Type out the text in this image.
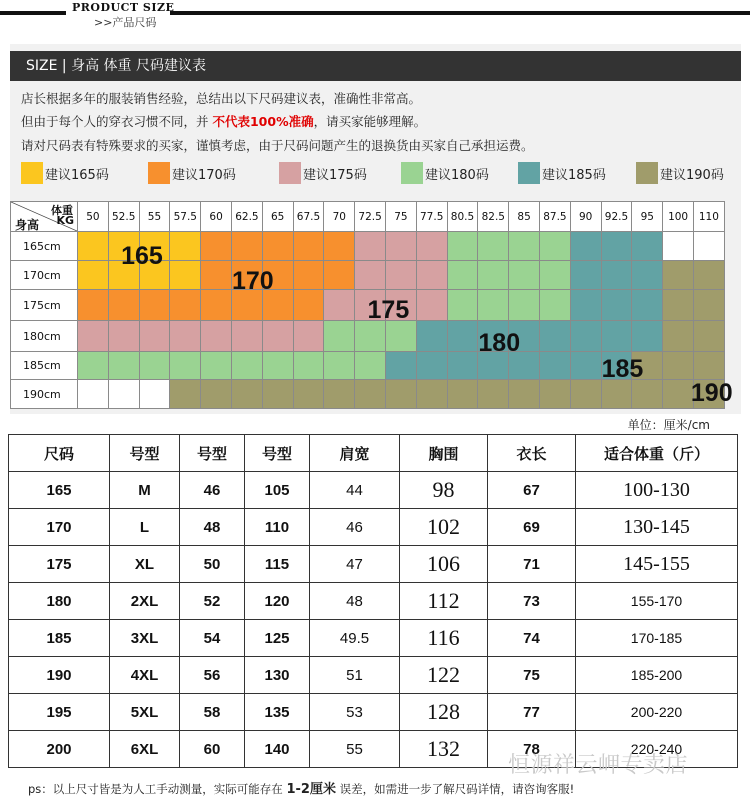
PRODUCT SIZE
>>产品尺码
SIZE | 身高 体重 尺码建议表
店长根据多年的服装销售经验，总结出以下尺码建议表，准确性非常高。
但由于每个人的穿衣习惯不同，并 不代表100%准确，请买家能够理解。
请对尺码表有特殊要求的买家，谨慎考虑，由于尺码问题产生的退换货由买家自己承担运费。
建议165码	建议170码	建议175码	建议180码	建议185码	建议190码
体重
KG
身高
50	52.5	55	57.5	60	62.5	65	67.5	70	72.5	75	77.5 80.5 82.5	85	87.5	90	92.5	95	100	110
165cm
170cm
175cm
180cm
185cm
190cm
165
170
175
180
185
190
单位：厘米/cm
尺码	号型	号型	号型	肩宽	胸围	衣长	适合体重（斤）
165	M	46	105	44	98	67	100-130
170	L	48	110	46	102	69	130-145
175	XL	50	115	47	106	71	145-155
180	2XL	52	120	48	112	73	155-170
185	3XL	54	125	49.5	116	74	170-185
190	4XL	56	130	51	122	75	185-200
195	5XL	58	135	53	128	77	200-220
200	6XL	60	140	55	132	78	220-240
恒源祥云岬专卖店
ps：以上尺寸皆是为人工手动测量，实际可能存在 1-2厘米 误差，如需进一步了解尺码详情，请咨询客服!
